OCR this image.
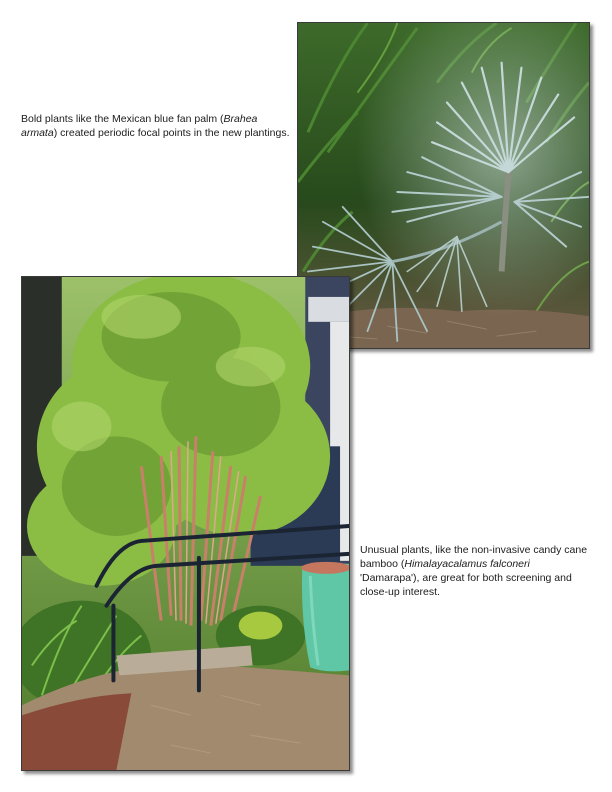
Bold plants like the Mexican blue fan palm (Brahea armata) created periodic focal points in the new plantings.
Unusual plants, like the non-invasive candy cane bamboo (Himalayacalamus falconeri 'Damarapa'), are great for both screening and close-up interest.
